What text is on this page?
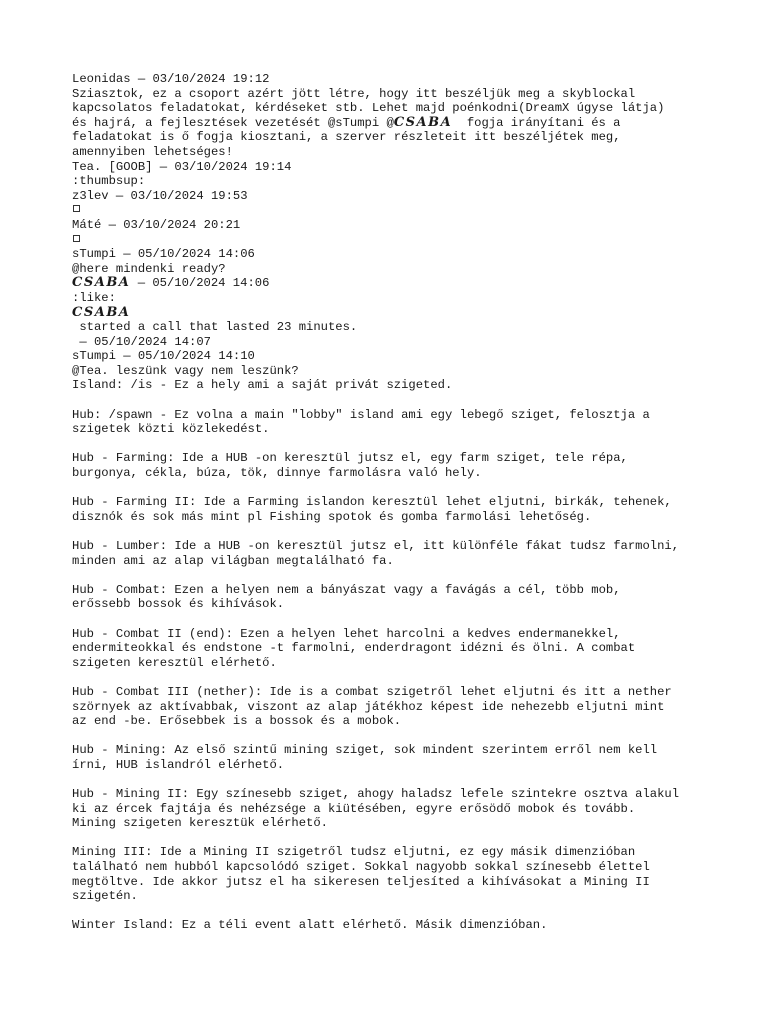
Leonidas — 03/10/2024 19:12
Sziasztok, ez a csoport azért jött létre, hogy itt beszéljük meg a skyblockal
kapcsolatos feladatokat, kérdéseket stb. Lehet majd poénkodni(DreamX úgyse látja)
és hajrá, a fejlesztések vezetését @sTumpi @CSABA fogja irányítani és a
feladatokat is ő fogja kiosztani, a szerver részleteit itt beszéljétek meg,
amennyiben lehetséges!
Tea. [GOOB] — 03/10/2024 19:14
:thumbsup:
z3lev — 03/10/2024 19:53
Máté — 03/10/2024 20:21
sTumpi — 05/10/2024 14:06
@here mindenki ready?
CSABA — 05/10/2024 14:06
:like:
CSABA
started a call that lasted 23 minutes.
— 05/10/2024 14:07
sTumpi — 05/10/2024 14:10
@Tea. leszünk vagy nem leszünk?
Island: /is - Ez a hely ami a saját privát szigeted.
Hub: /spawn - Ez volna a main "lobby" island ami egy lebegő sziget, felosztja a
szigetek közti közlekedést.
Hub - Farming: Ide a HUB -on keresztül jutsz el, egy farm sziget, tele répa,
burgonya, cékla, búza, tök, dinnye farmolásra való hely.
Hub - Farming II: Ide a Farming islandon keresztül lehet eljutni, birkák, tehenek,
disznók és sok más mint pl Fishing spotok és gomba farmolási lehetőség.
Hub - Lumber: Ide a HUB -on keresztül jutsz el, itt különféle fákat tudsz farmolni,
minden ami az alap világban megtalálható fa.
Hub - Combat: Ezen a helyen nem a bányászat vagy a favágás a cél, több mob,
erőssebb bossok és kihívások.
Hub - Combat II (end): Ezen a helyen lehet harcolni a kedves endermanekkel,
endermiteokkal és endstone -t farmolni, enderdragont idézni és ölni. A combat
szigeten keresztül elérhető.
Hub - Combat III (nether): Ide is a combat szigetről lehet eljutni és itt a nether
szörnyek az aktívabbak, viszont az alap játékhoz képest ide nehezebb eljutni mint
az end -be. Erősebbek is a bossok és a mobok.
Hub - Mining: Az első szintű mining sziget, sok mindent szerintem erről nem kell
írni, HUB islandról elérhető.
Hub - Mining II: Egy színesebb sziget, ahogy haladsz lefele szintekre osztva alakul
ki az ércek fajtája és nehézsége a kiütésében, egyre erősödő mobok és tovább.
Mining szigeten keresztük elérhető.
Mining III: Ide a Mining II szigetről tudsz eljutni, ez egy másik dimenzióban
található nem hubból kapcsolódó sziget. Sokkal nagyobb sokkal színesebb élettel
megtöltve. Ide akkor jutsz el ha sikeresen teljesíted a kihívásokat a Mining II
szigetén.
Winter Island: Ez a téli event alatt elérhető. Másik dimenzióban.
